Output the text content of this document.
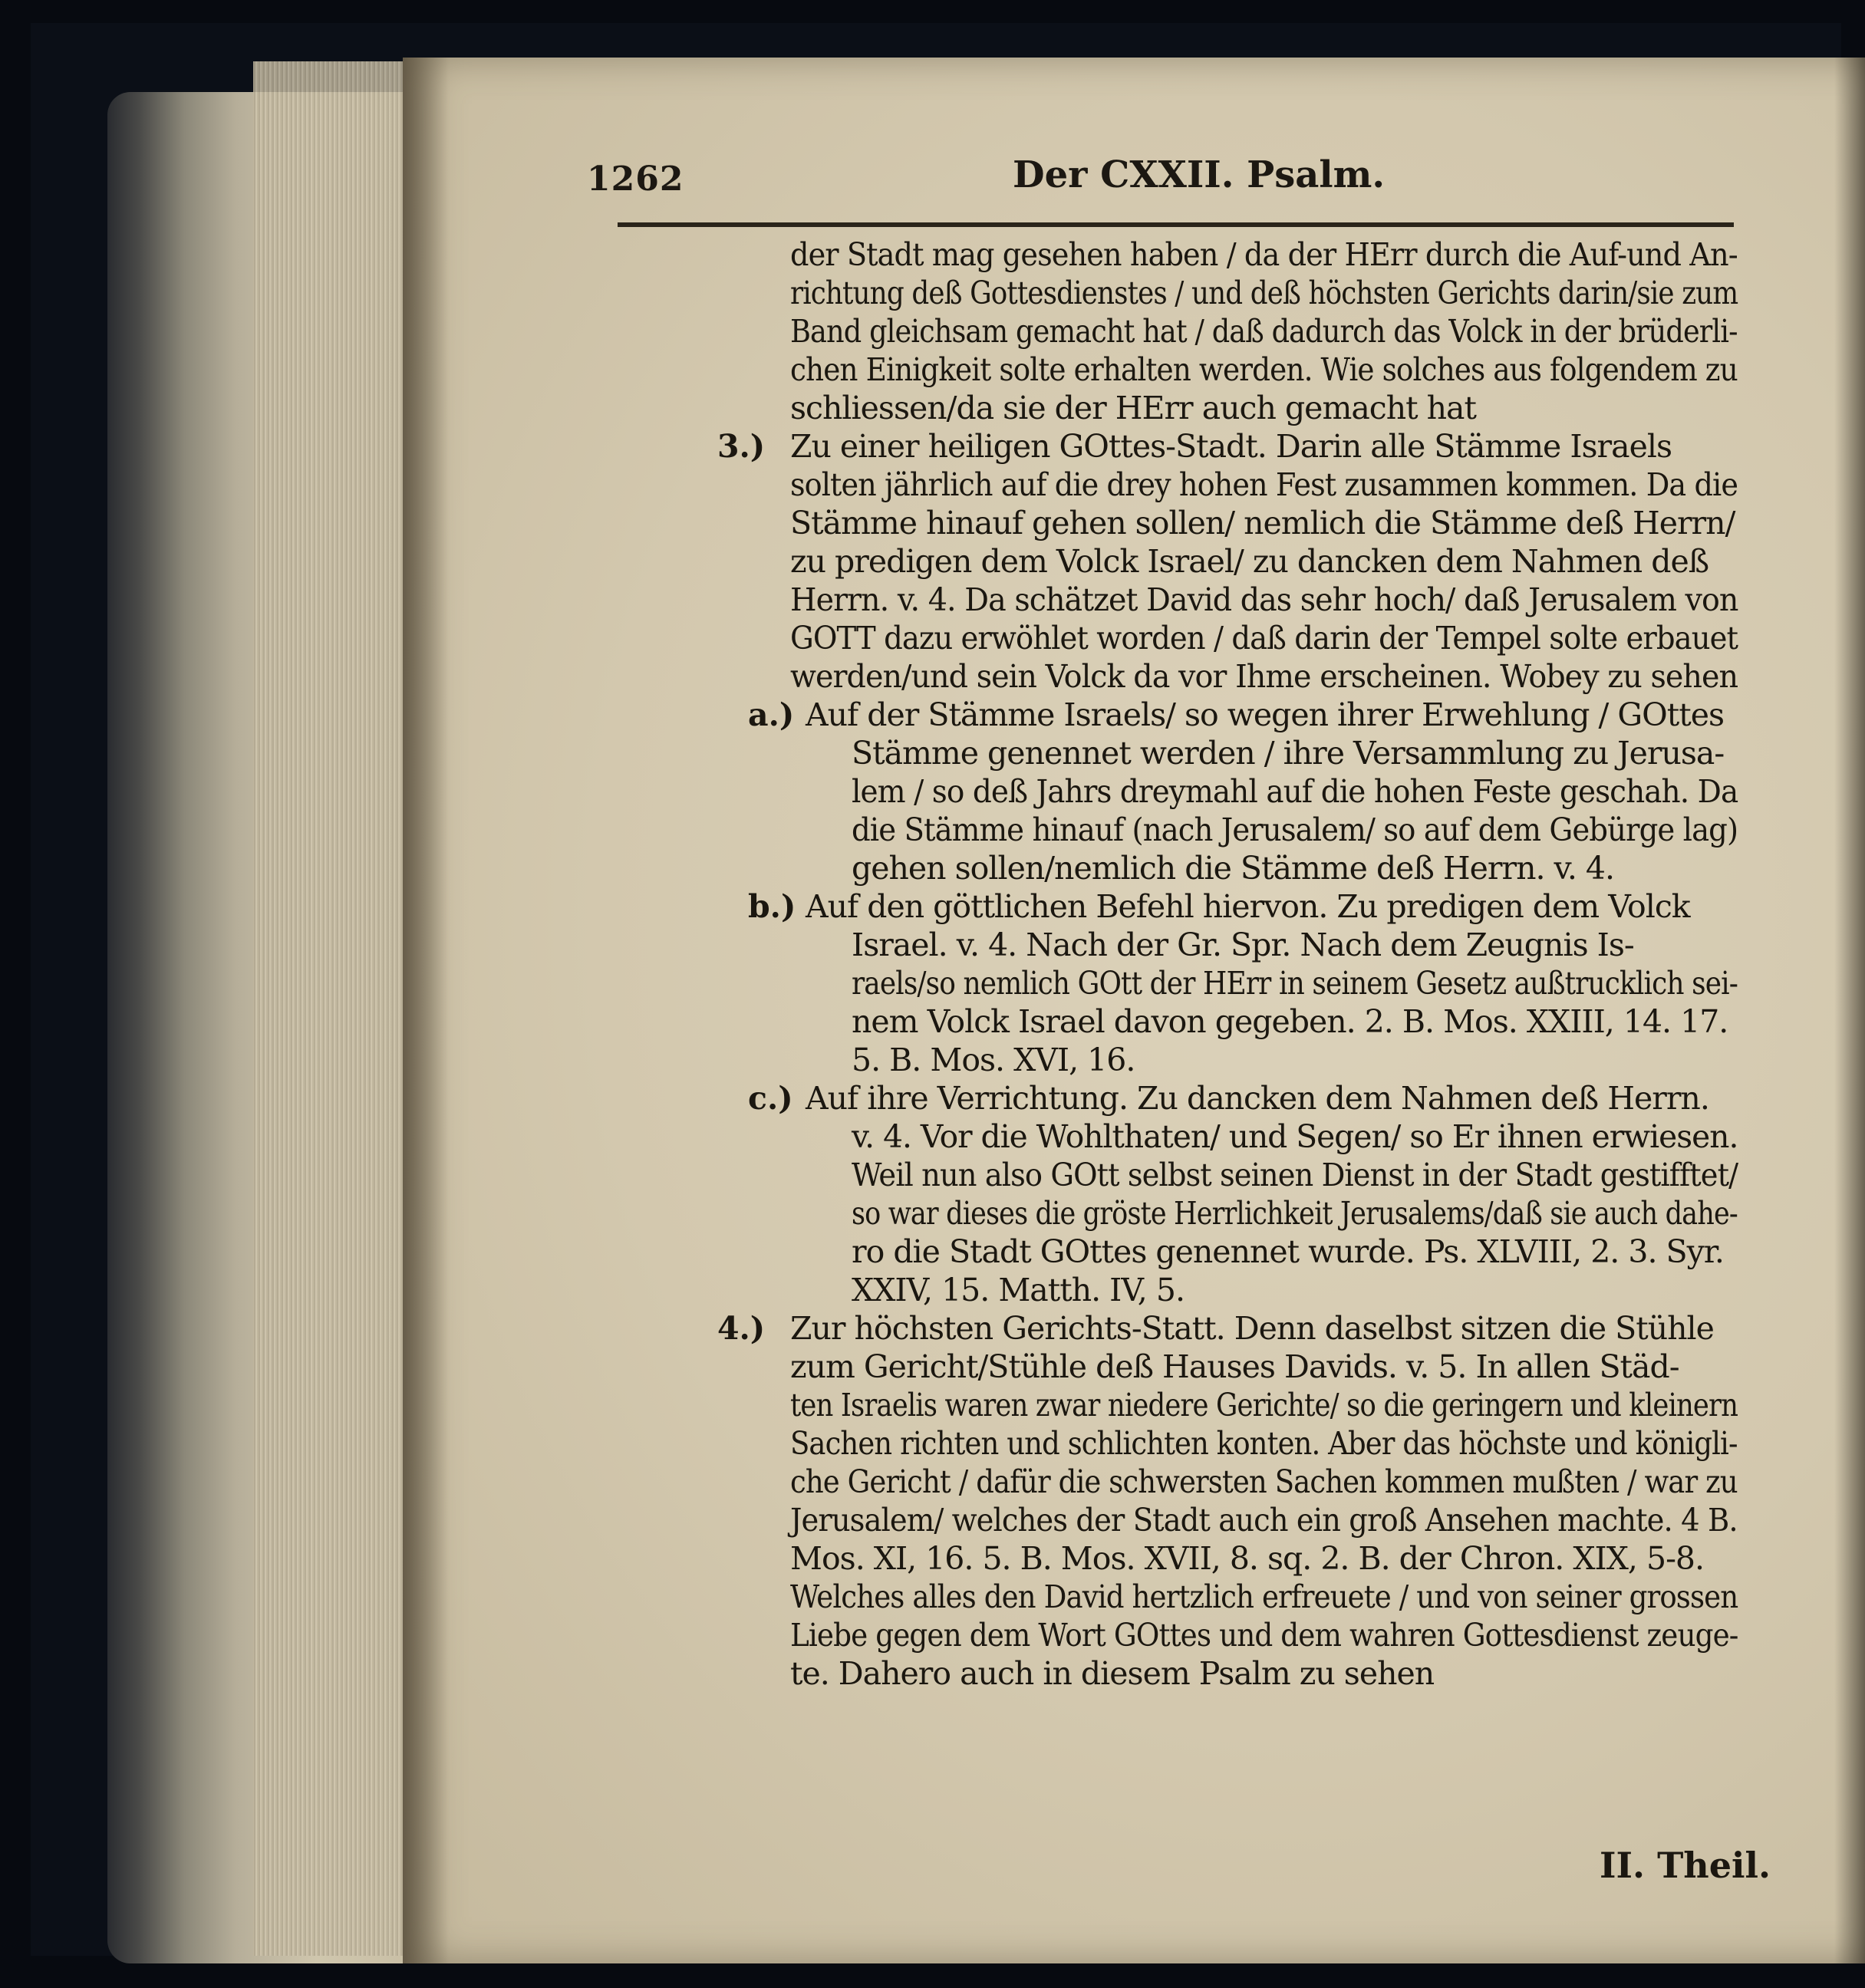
1262	Der CXXII. Psalm.
der Stadt mag gesehen haben / da der HErr durch die Auf-und An-
richtung deß Gottesdienstes / und deß höchsten Gerichts darin/sie zum
Band gleichsam gemacht hat / daß dadurch das Volck in der brüderli-
chen Einigkeit solte erhalten werden. Wie solches aus folgendem zu
schliessen/da sie der HErr auch gemacht hat
3.) Zu einer heiligen GOttes-Stadt. Darin alle Stämme Israels
solten jährlich auf die drey hohen Fest zusammen kommen. Da die
Stämme hinauf gehen sollen/ nemlich die Stämme deß Herrn/
zu predigen dem Volck Israel/ zu dancken dem Nahmen deß
Herrn. v. 4. Da schätzet David das sehr hoch/ daß Jerusalem von
GOTT dazu erwöhlet worden / daß darin der Tempel solte erbauet
werden/und sein Volck da vor Ihme erscheinen. Wobey zu sehen
a.) Auf der Stämme Israels/ so wegen ihrer Erwehlung / GOttes
Stämme genennet werden / ihre Versammlung zu Jerusa-
lem / so deß Jahrs dreymahl auf die hohen Feste geschah. Da
die Stämme hinauf (nach Jerusalem/ so auf dem Gebürge lag)
gehen sollen/nemlich die Stämme deß Herrn. v. 4.
b.) Auf den göttlichen Befehl hiervon. Zu predigen dem Volck
Israel. v. 4. Nach der Gr. Spr. Nach dem Zeugnis Is-
raels/so nemlich GOtt der HErr in seinem Gesetz außtrucklich sei-
nem Volck Israel davon gegeben. 2. B. Mos. XXIII, 14. 17.
5. B. Mos. XVI, 16.
c.) Auf ihre Verrichtung. Zu dancken dem Nahmen deß Herrn.
v. 4. Vor die Wohlthaten/ und Segen/ so Er ihnen erwiesen.
Weil nun also GOtt selbst seinen Dienst in der Stadt gestifftet/
so war dieses die gröste Herrlichkeit Jerusalems/daß sie auch dahe-
ro die Stadt GOttes genennet wurde. Ps. XLVIII, 2. 3. Syr.
XXIV, 15. Matth. IV, 5.
4.) Zur höchsten Gerichts-Statt. Denn daselbst sitzen die Stühle
zum Gericht/Stühle deß Hauses Davids. v. 5. In allen Städ-
ten Israelis waren zwar niedere Gerichte/ so die geringern und kleinern
Sachen richten und schlichten konten. Aber das höchste und königli-
che Gericht / dafür die schwersten Sachen kommen mußten / war zu
Jerusalem/ welches der Stadt auch ein groß Ansehen machte. 4 B.
Mos. XI, 16. 5. B. Mos. XVII, 8. sq. 2. B. der Chron. XIX, 5-8.
Welches alles den David hertzlich erfreuete / und von seiner grossen
Liebe gegen dem Wort GOttes und dem wahren Gottesdienst zeuge-
te. Dahero auch in diesem Psalm zu sehen
II. Theil.
